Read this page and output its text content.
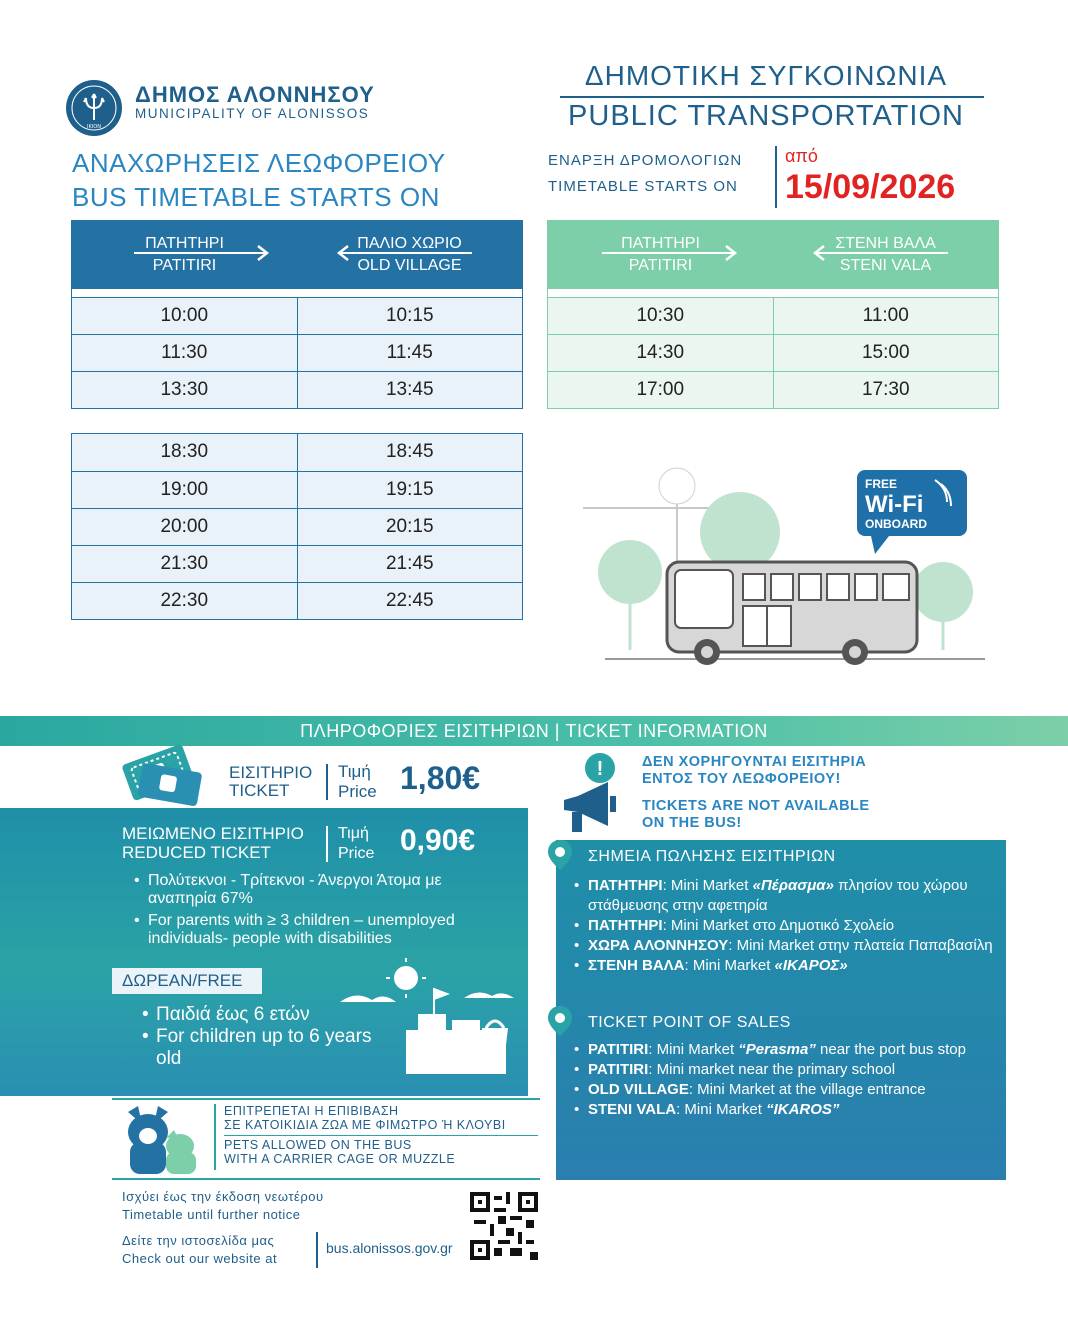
ΙΚΙΟΝ
ΔΗΜΟΣ ΑΛΟΝΝΗΣΟΥ
MUNICIPALITY OF ALONISSOS
ΑΝΑΧΩΡΗΣΕΙΣ ΛΕΩΦΟΡΕΙΟΥ
BUS TIMETABLE STARTS ON
ΔΗΜΟΤΙΚΗ ΣΥΓΚΟΙΝΩΝΙΑ
PUBLIC TRANSPORTATION
ΕΝΑΡΞΗ ΔΡΟΜΟΛΟΓΙΩΝ
TIMETABLE STARTS ON
από
15/09/2026
ΠΑΤΗΤΗΡΙ
PATITIRI
ΠΑΛΙΟ ΧΩΡΙΟ
OLD VILLAGE
10:00	10:15
11:30	11:45
13:30	13:45
18:30	18:45
19:00	19:15
20:00	20:15
21:30	21:45
22:30	22:45
ΠΑΤΗΤΗΡΙ
PATITIRI
ΣΤΕΝΗ ΒΑΛΑ
STENI VALA
10:30	11:00
14:30	15:00
17:00	17:30
FREE
Wi-Fi
ONBOARD
ΠΛΗΡΟΦΟΡΙΕΣ ΕΙΣΙΤΗΡΙΩΝ | TICKET INFORMATION
ΕΙΣΙΤΗΡΙΟ
TICKET
Τιμή
Price 1,80€
ΜΕΙΩΜΕΝΟ ΕΙΣΙΤΗΡΙΟ
REDUCED TICKET
Τιμή
Price 0,90€
• Πολύτεκνοι - Τρίτεκνοι - Άνεργοι Άτομα με αναπηρία 67%
• For parents with ≥ 3 children – unemployed individuals- people with disabilities
ΔΩΡΕΑΝ/FREE
• Παιδιά έως 6 ετών
• For children up to 6 years old
ΕΠΙΤΡΕΠΕΤΑΙ Η ΕΠΙΒΙΒΑΣΗ
ΣΕ ΚΑΤΟΙΚΙΔΙΑ ΖΩΑ ΜΕ ΦΙΜΩΤΡΟ Ή ΚΛΟΥΒΙ
PETS ALLOWED ON THE BUS
WITH A CARRIER CAGE OR MUZZLE
Ισχύει έως την έκδοση νεωτέρου
Timetable until further notice
Δείτε την ιστοσελίδα μας
Check out our website at
bus.alonissos.gov.gr
!	ΔΕΝ ΧΟΡΗΓΟΥΝΤΑΙ ΕΙΣΙΤΗΡΙΑ
ΕΝΤΟΣ ΤΟΥ ΛΕΩΦΟΡΕΙΟΥ!
TICKETS ARE NOT AVAILABLE
ON THE BUS!
ΣΗΜΕΙΑ ΠΩΛΗΣΗΣ ΕΙΣΙΤΗΡΙΩΝ
• ΠΑΤΗΤΗΡΙ: Mini Market «Πέρασμα» πλησίον του χώρου στάθμευσης στην αφετηρία
• ΠΑΤΗΤΗΡΙ: Mini Market στο Δημοτικό Σχολείο
• ΧΩΡΑ ΑΛΟΝΝΗΣΟΥ: Mini Market στην πλατεία Παπαβασίλη
• ΣΤΕΝΗ ΒΑΛΑ: Mini Market «ΙΚΑΡΟΣ»
TICKET POINT OF SALES
• PATITIRI: Mini Market “Perasma” near the port bus stop
• PATITIRI: Mini market near the primary school
• OLD VILLAGE: Mini Market at the village entrance
• STENI VALA: Mini Market “IKAROS”
